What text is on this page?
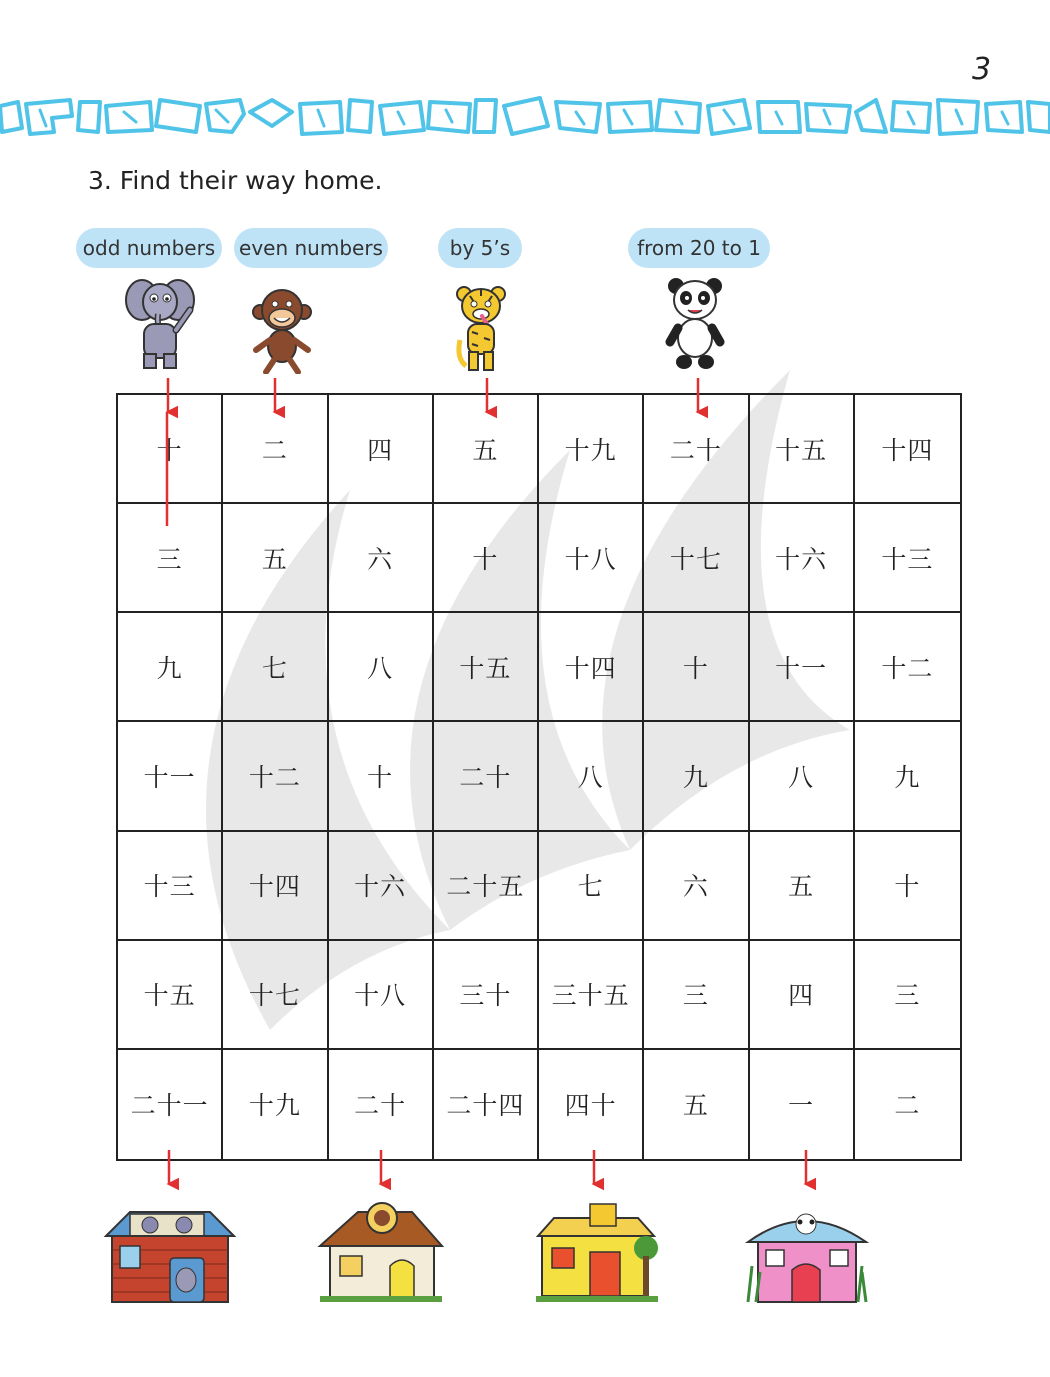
3
3. Find their way home.
odd numbers	even numbers	by 5’s	from 20 to 1
十	二	四	五	十九	二十	十五	十四
三	五	六	十	十八	十七	十六	十三
九	七	八	十五	十四	十	十一	十二
十一	十二	十	二十	八	九	八	九
十三	十四	十六	二十五	七	六	五	十
十五	十七	十八	三十	三十五	三	四	三
二十一	十九	二十	二十四	四十	五	一	二
